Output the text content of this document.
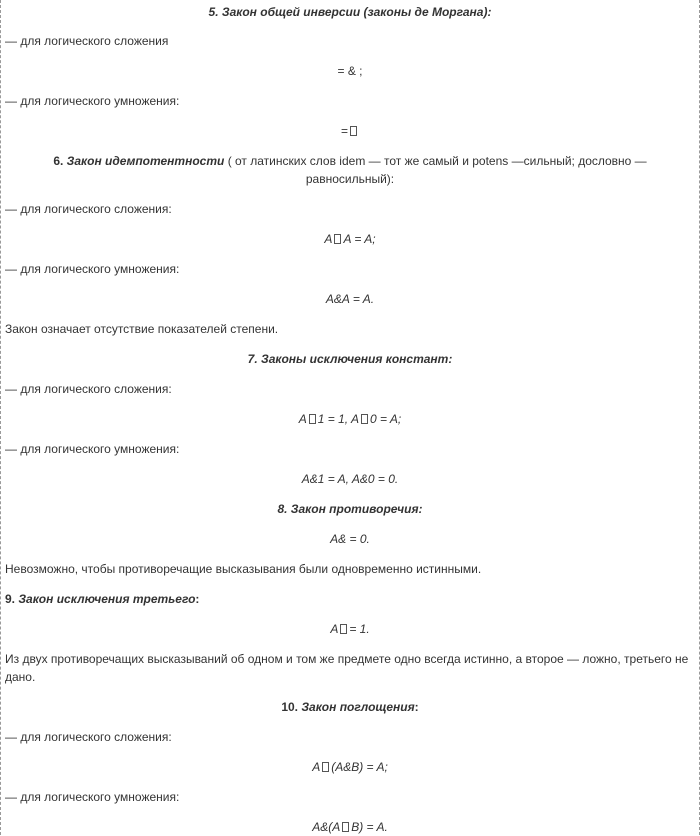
5. Закон общей инверсии (законы де Моргана):
— для логического сложения
= & ;
— для логического умножения:
=
6. Закон идемпотентности ( от латинских слов idem — тот же самый и potens —сильный; дословно — равносильный):
— для логического сложения:
A A = A;
— для логического умножения:
A&A = A.
Закон означает отсутствие показателей степени.
7. Законы исключения констант:
— для логического сложения:
A 1 = 1, A 0 = A;
— для логического умножения:
A&1 = A, A&0 = 0.
8. Закон противоречия:
A& = 0.
Невозможно, чтобы противоречащие высказывания были одновременно истинными.
9. Закон исключения третьего:
A = 1.
Из двух противоречащих высказываний об одном и том же предмете одно всегда истинно, а второе — ложно, третьего не дано.
10. Закон поглощения:
— для логического сложения:
A (A&B) = A;
— для логического умножения:
A&(A B) = A.
